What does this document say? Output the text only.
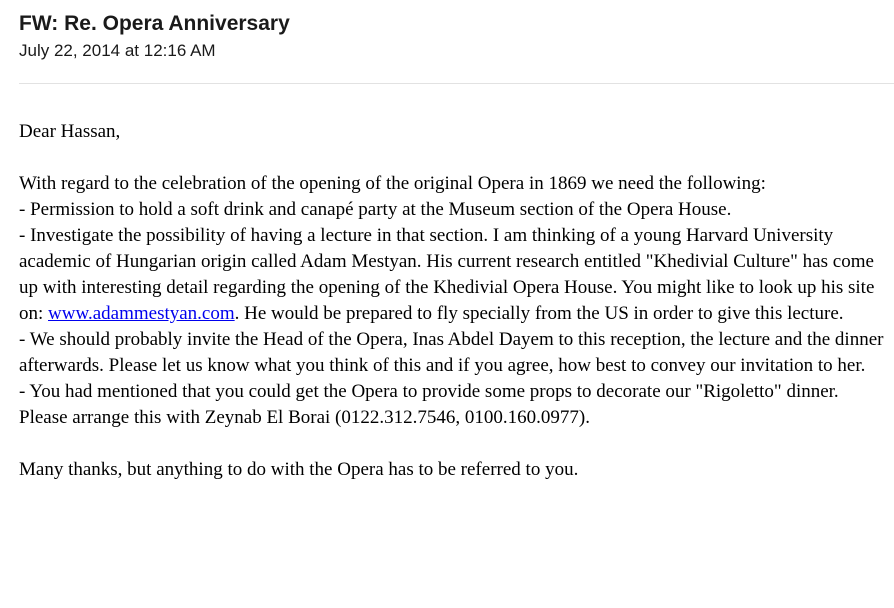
FW: Re. Opera Anniversary
July 22, 2014 at 12:16 AM

Dear Hassan,

With regard to the celebration of the opening of the original Opera in 1869 we need the following:

- Permission to hold a soft drink and canapé party at the Museum section of the Opera House.

- Investigate the possibility of having a lecture in that section. I am thinking of a young Harvard University academic of Hungarian origin called Adam Mestyan. His current research entitled "Khedivial Culture" has come up with interesting detail regarding the opening of the Khedivial Opera House. You might like to look up his site on: www.adammestyan.com. He would be prepared to fly specially from the US in order to give this lecture.

- We should probably invite the Head of the Opera, Inas Abdel Dayem to this reception, the lecture and the dinner afterwards. Please let us know what you think of this and if you agree, how best to convey our invitation to her.

- You had mentioned that you could get the Opera to provide some props to decorate our "Rigoletto" dinner. Please arrange this with Zeynab El Borai (0122.312.7546, 0100.160.0977).

Many thanks, but anything to do with the Opera has to be referred to you.
